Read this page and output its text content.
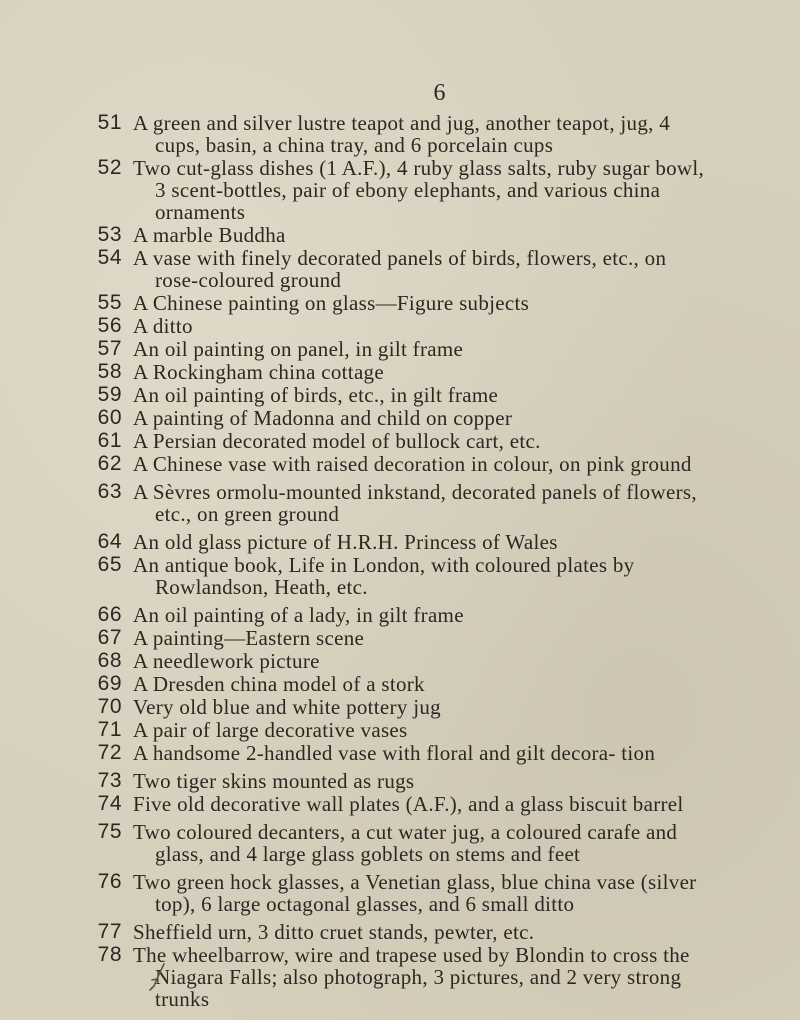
6
51 A green and silver lustre teapot and jug, another teapot, jug, 4 cups, basin, a china tray, and 6 porcelain cups
52 Two cut-glass dishes (1 A.F.), 4 ruby glass salts, ruby sugar bowl, 3 scent-bottles, pair of ebony elephants, and various china ornaments
53 A marble Buddha
54 A vase with finely decorated panels of birds, flowers, etc., on rose-coloured ground
55 A Chinese painting on glass—Figure subjects
56 A ditto
57 An oil painting on panel, in gilt frame
58 A Rockingham china cottage
59 An oil painting of birds, etc., in gilt frame
60 A painting of Madonna and child on copper
61 A Persian decorated model of bullock cart, etc.
62 A Chinese vase with raised decoration in colour, on pink ground
63 A Sèvres ormolu-mounted inkstand, decorated panels of flowers, etc., on green ground
64 An old glass picture of H.R.H. Princess of Wales
65 An antique book, Life in London, with coloured plates by Rowlandson, Heath, etc.
66 An oil painting of a lady, in gilt frame
67 A painting—Eastern scene
68 A needlework picture
69 A Dresden china model of a stork
70 Very old blue and white pottery jug
71 A pair of large decorative vases
72 A handsome 2-handled vase with floral and gilt decora- tion
73 Two tiger skins mounted as rugs
74 Five old decorative wall plates (A.F.), and a glass biscuit barrel
75 Two coloured decanters, a cut water jug, a coloured carafe and glass, and 4 large glass goblets on stems and feet
76 Two green hock glasses, a Venetian glass, blue china vase (silver top), 6 large octagonal glasses, and 6 small ditto
77 Sheffield urn, 3 ditto cruet stands, pewter, etc.
78 The wheelbarrow, wire and trapese used by Blondin to cross the Niagara Falls; also photograph, 3 pictures, and 2 very strong trunks
